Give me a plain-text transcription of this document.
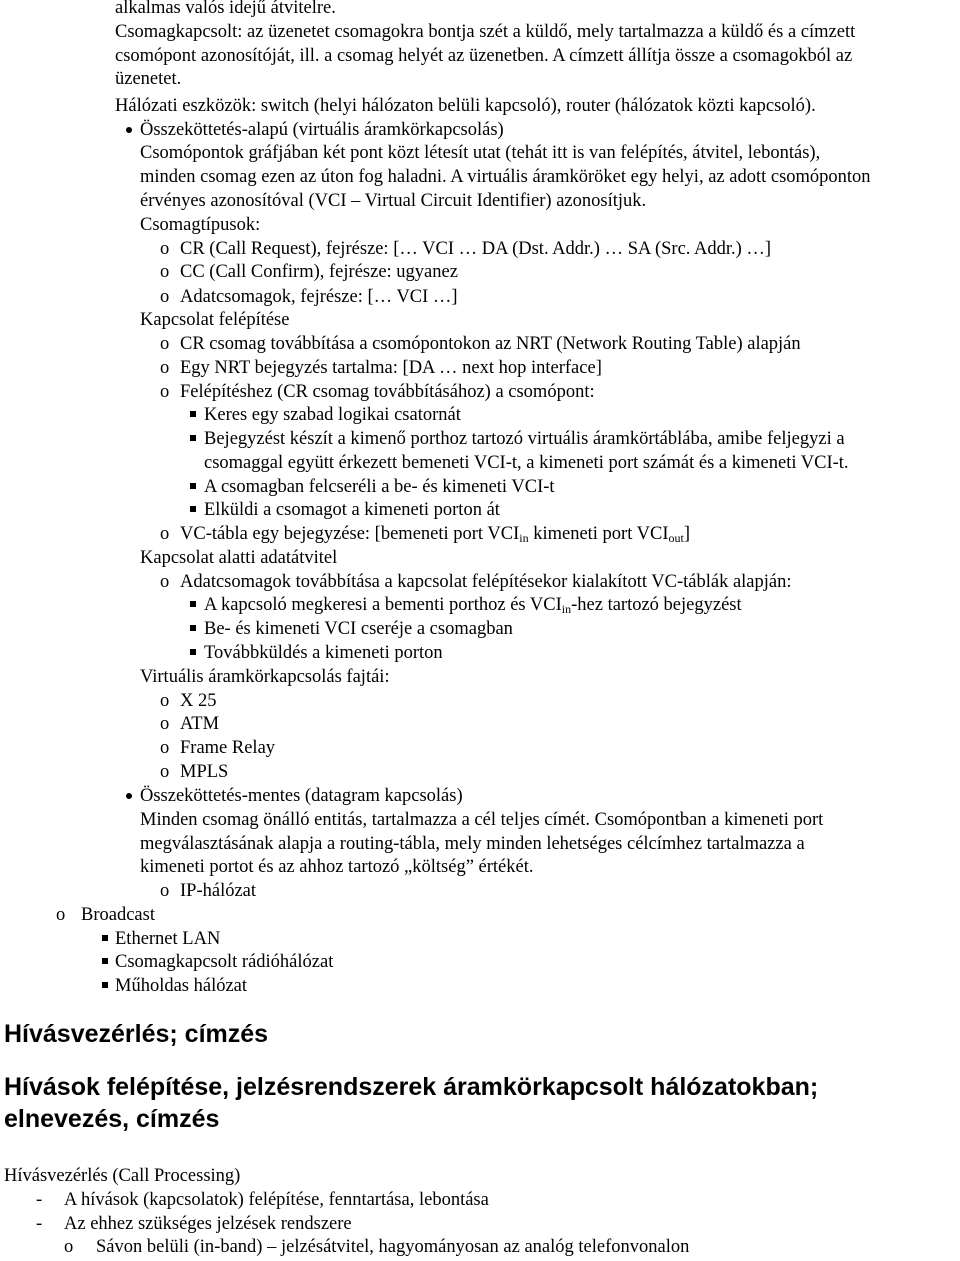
alkalmas valós idejű átvitelre.
Csomagkapcsolt: az üzenetet csomagokra bontja szét a küldő, mely tartalmazza a küldő és a címzett
csomópont azonosítóját, ill. a csomag helyét az üzenetben. A címzett állítja össze a csomagokból az
üzenetet.
Hálózati eszközök: switch (helyi hálózaton belüli kapcsoló), router (hálózatok közti kapcsoló).
Összeköttetés-alapú (virtuális áramkörkapcsolás)
Csomópontok gráfjában két pont közt létesít utat (tehát itt is van felépítés, átvitel, lebontás),
minden csomag ezen az úton fog haladni. A virtuális áramköröket egy helyi, az adott csomóponton
érvényes azonosítóval (VCI – Virtual Circuit Identifier) azonosítjuk.
Csomagtípusok:
o CR (Call Request), fejrésze: [… VCI … DA (Dst. Addr.) … SA (Src. Addr.) …]
o CC (Call Confirm), fejrésze: ugyanez
o Adatcsomagok, fejrésze: [… VCI …]
Kapcsolat felépítése
o CR csomag továbbítása a csomópontokon az NRT (Network Routing Table) alapján
o Egy NRT bejegyzés tartalma: [DA … next hop interface]
o Felépítéshez (CR csomag továbbításához) a csomópont:
Keres egy szabad logikai csatornát
Bejegyzést készít a kimenő porthoz tartozó virtuális áramkörtáblába, amibe feljegyzi a
csomaggal együtt érkezett bemeneti VCI-t, a kimeneti port számát és a kimeneti VCI-t.
A csomagban felcseréli a be- és kimeneti VCI-t
Elküldi a csomagot a kimeneti porton át
o VC-tábla egy bejegyzése: [bemeneti port $VCI_{in}$ kimeneti port $VCI_{out}$]
Kapcsolat alatti adatátvitel
o Adatcsomagok továbbítása a kapcsolat felépítésekor kialakított VC-táblák alapján:
A kapcsoló megkeresi a bementi porthoz és $VCI_{in}$-hez tartozó bejegyzést
Be- és kimeneti VCI cseréje a csomagban
Továbbküldés a kimeneti porton
Virtuális áramkörkapcsolás fajtái:
o X 25
o ATM
o Frame Relay
o MPLS
Összeköttetés-mentes (datagram kapcsolás)
Minden csomag önálló entitás, tartalmazza a cél teljes címét. Csomópontban a kimeneti port
megválasztásának alapja a routing-tábla, mely minden lehetséges célcímhez tartalmazza a
kimeneti portot és az ahhoz tartozó „költség” értékét.
o IP-hálózat
o Broadcast
Ethernet LAN
Csomagkapcsolt rádióhálózat
Műholdas hálózat
Hívásvezérlés; címzés
Hívások felépítése, jelzésrendszerek áramkörkapcsolt hálózatokban;
elnevezés, címzés
Hívásvezérlés (Call Processing)
- A hívások (kapcsolatok) felépítése, fenntartása, lebontása
- Az ehhez szükséges jelzések rendszere
o Sávon belüli (in-band) – jelzésátvitel, hagyományosan az analóg telefonvonalon
